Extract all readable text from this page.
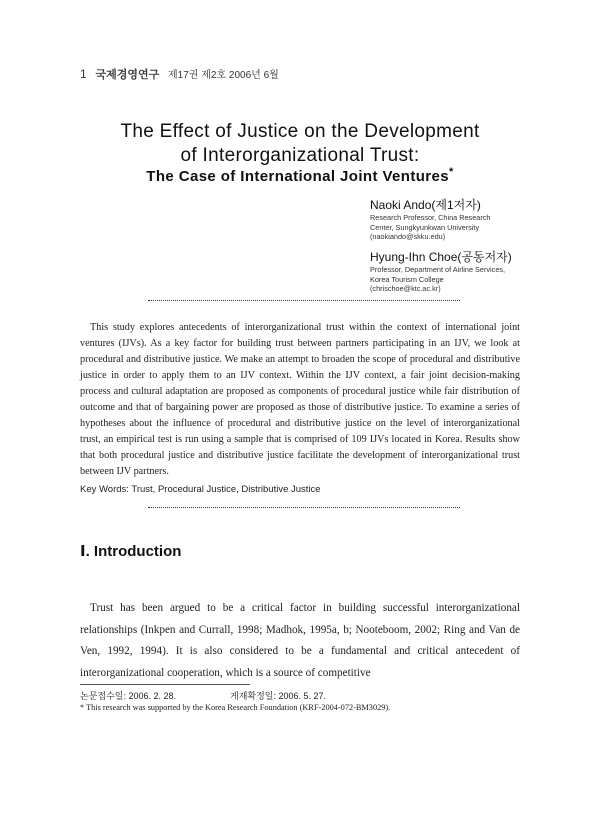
1 국제경영연구 제17권 제2호 2006년 6월
The Effect of Justice on the Development
of Interorganizational Trust:
The Case of International Joint Ventures*
Naoki Ando(제1저자)
Research Professor, China Research
Center, Sungkyunkwan University
(naokiando@skku.edu)
Hyung-Ihn Choe(공동저자)
Professor, Department of Airline Services,
Korea Tourism College
(chrischoe@ktc.ac.kr)
This study explores antecedents of interorganizational trust within the context of international joint ventures (IJVs). As a key factor for building trust between partners participating in an IJV, we look at procedural and distributive justice. We make an attempt to broaden the scope of procedural and distributive justice in order to apply them to an IJV context. Within the IJV context, a fair joint decision-making process and cultural adaptation are proposed as components of procedural justice while fair distribution of outcome and that of bargaining power are proposed as those of distributive justice. To examine a series of hypotheses about the influence of procedural and distributive justice on the level of interorganizational trust, an empirical test is run using a sample that is comprised of 109 IJVs located in Korea. Results show that both procedural justice and distributive justice facilitate the development of interorganizational trust between IJV partners.
Key Words: Trust, Procedural Justice, Distributive Justice
Ⅰ. Introduction
Trust has been argued to be a critical factor in building successful interorganizational relationships (Inkpen and Currall, 1998; Madhok, 1995a, b; Nooteboom, 2002; Ring and Van de Ven, 1992, 1994). It is also considered to be a fundamental and critical antecedent of interorganizational cooperation, which is a source of competitive
논문접수일: 2006. 2. 28.	게재확정일: 2006. 5. 27.
* This research was supported by the Korea Research Foundation (KRF-2004-072-BM3029).
